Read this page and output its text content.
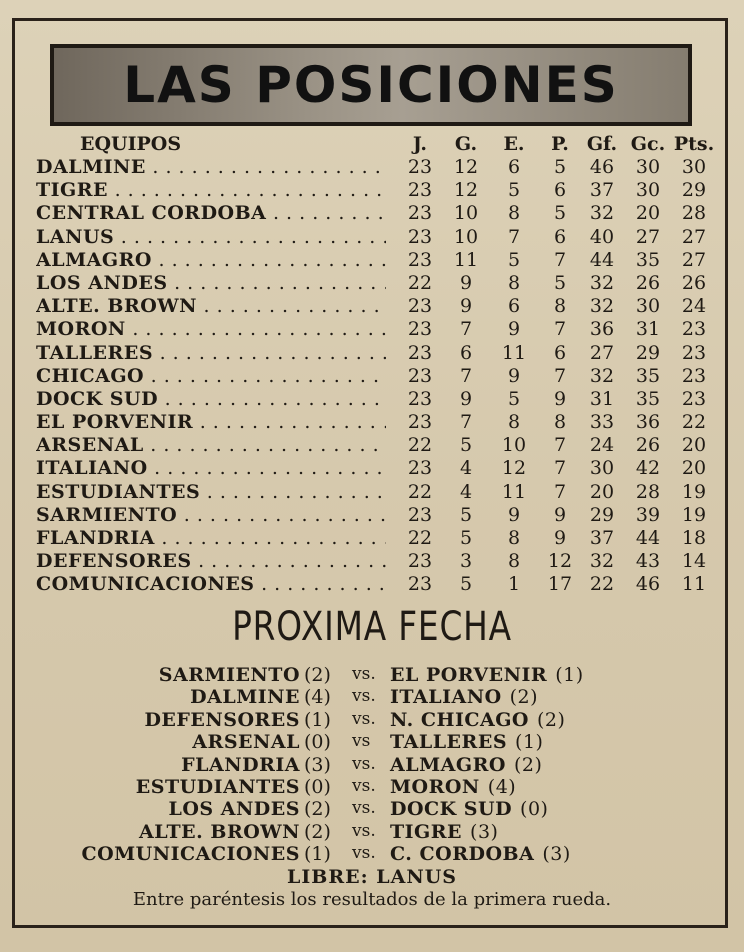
LAS POSICIONES
EQUIPOS	J.	G.	E.	P. Gf. Gc. Pts.
DALMINE . . .	23	12	6	5	46	30	30
TIGRE . . .	23	12	5	6	37	30	29
CENTRAL CORDOBA . . .	23	10	8	5	32	20	28
LANUS . . .	23	10	7	6	40	27	27
ALMAGRO . . .	23	11	5	7	44	35	27
LOS ANDES . . .	22	9	8	5	32	26	26
ALTE. BROWN . . .	23	9	6	8	32	30	24
MORON . . .	23	7	9	7	36	31	23
TALLERES . . .	23	6	11	6	27	29	23
CHICAGO . . .	23	7	9	7	32	35	23
DOCK SUD . . .	23	9	5	9	31	35	23
EL PORVENIR . . .	23	7	8	8	33	36	22
ARSENAL . . .	22	5	10	7	24	26	20
ITALIANO . . .	23	4	12	7	30	42	20
ESTUDIANTES . . .	22	4	11	7	20	28	19
SARMIENTO . . .	23	5	9	9	29	39	19
FLANDRIA . . .	22	5	8	9	37	44	18
DEFENSORES . . .	23	3	8	12 32	43	14
COMUNICACIONES . . .	23	5	1	17 22	46	11
PROXIMA FECHA
SARMIENTO (2) vs. EL PORVENIR (1)
DALMINE (4) vs. ITALIANO (2)
DEFENSORES (1) vs. N. CHICAGO (2)
ARSENAL (0) vs TALLERES (1)
FLANDRIA (3) vs. ALMAGRO (2)
ESTUDIANTES (0) vs. MORON (4)
LOS ANDES (2) vs. DOCK SUD (0)
ALTE. BROWN (2) vs. TIGRE (3)
COMUNICACIONES (1) vs. C. CORDOBA (3)
LIBRE: LANUS
Entre paréntesis los resultados de la primera rueda.
